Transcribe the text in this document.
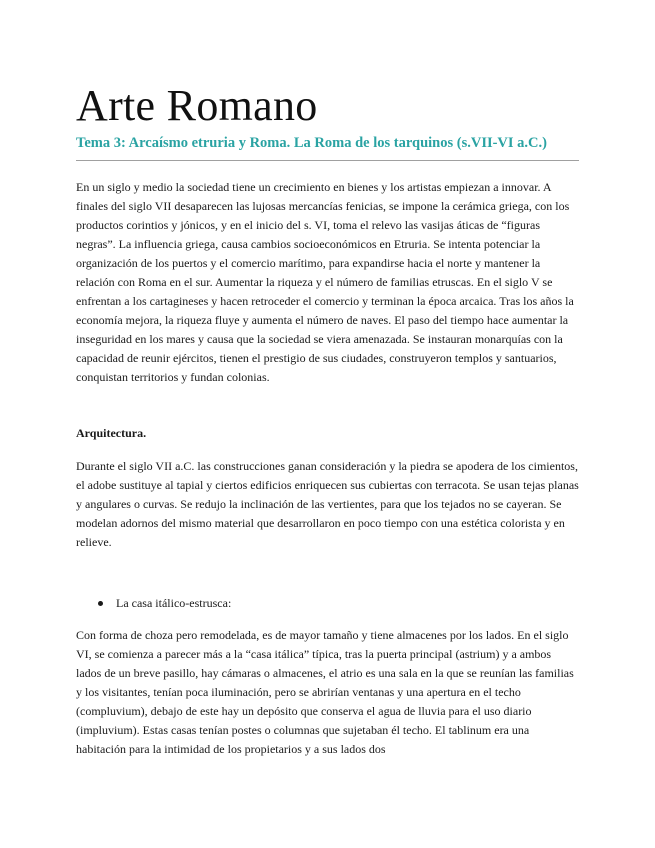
Arte Romano
Tema 3: Arcaísmo etruria y Roma. La Roma de los tarquinos (s.VII-VI a.C.)

En un siglo y medio la sociedad tiene un crecimiento en bienes y los artistas empiezan a innovar. A finales del siglo VII desaparecen las lujosas mercancías fenicias, se impone la cerámica griega, con los productos corintios y jónicos, y en el inicio del s. VI, toma el relevo las vasijas áticas de “figuras negras”. La influencia griega, causa cambios socioeconómicos en Etruria. Se intenta potenciar la organización de los puertos y el comercio marítimo, para expandirse hacia el norte y mantener la relación con Roma en el sur. Aumentar la riqueza y el número de familias etruscas. En el siglo V se enfrentan a los cartagineses y hacen retroceder el comercio y terminan la época arcaica. Tras los años la economía mejora, la riqueza fluye y aumenta el número de naves. El paso del tiempo hace aumentar la inseguridad en los mares y causa que la sociedad se viera amenazada. Se instauran monarquías con la capacidad de reunir ejércitos, tienen el prestigio de sus ciudades, construyeron templos y santuarios, conquistan territorios y fundan colonias.

Arquitectura.

Durante el siglo VII a.C. las construcciones ganan consideración y la piedra se apodera de los cimientos, el adobe sustituye al tapial y ciertos edificios enriquecen sus cubiertas con terracota. Se usan tejas planas y angulares o curvas. Se redujo la inclinación de las vertientes, para que los tejados no se cayeran. Se modelan adornos del mismo material que desarrollaron en poco tiempo con una estética colorista y en relieve.

La casa itálico-estrusca:

Con forma de choza pero remodelada, es de mayor tamaño y tiene almacenes por los lados. En el siglo VI, se comienza a parecer más a la “casa itálica” típica, tras la puerta principal (astrium) y a ambos lados de un breve pasillo, hay cámaras o almacenes, el atrio es una sala en la que se reunían las familias y los visitantes, tenían poca iluminación, pero se abrirían ventanas y una apertura en el techo (compluvium), debajo de este hay un depósito que conserva el agua de lluvia para el uso diario (impluvium). Estas casas tenían postes o columnas que sujetaban él techo. El tablinum era una habitación para la intimidad de los propietarios y a sus lados dos
